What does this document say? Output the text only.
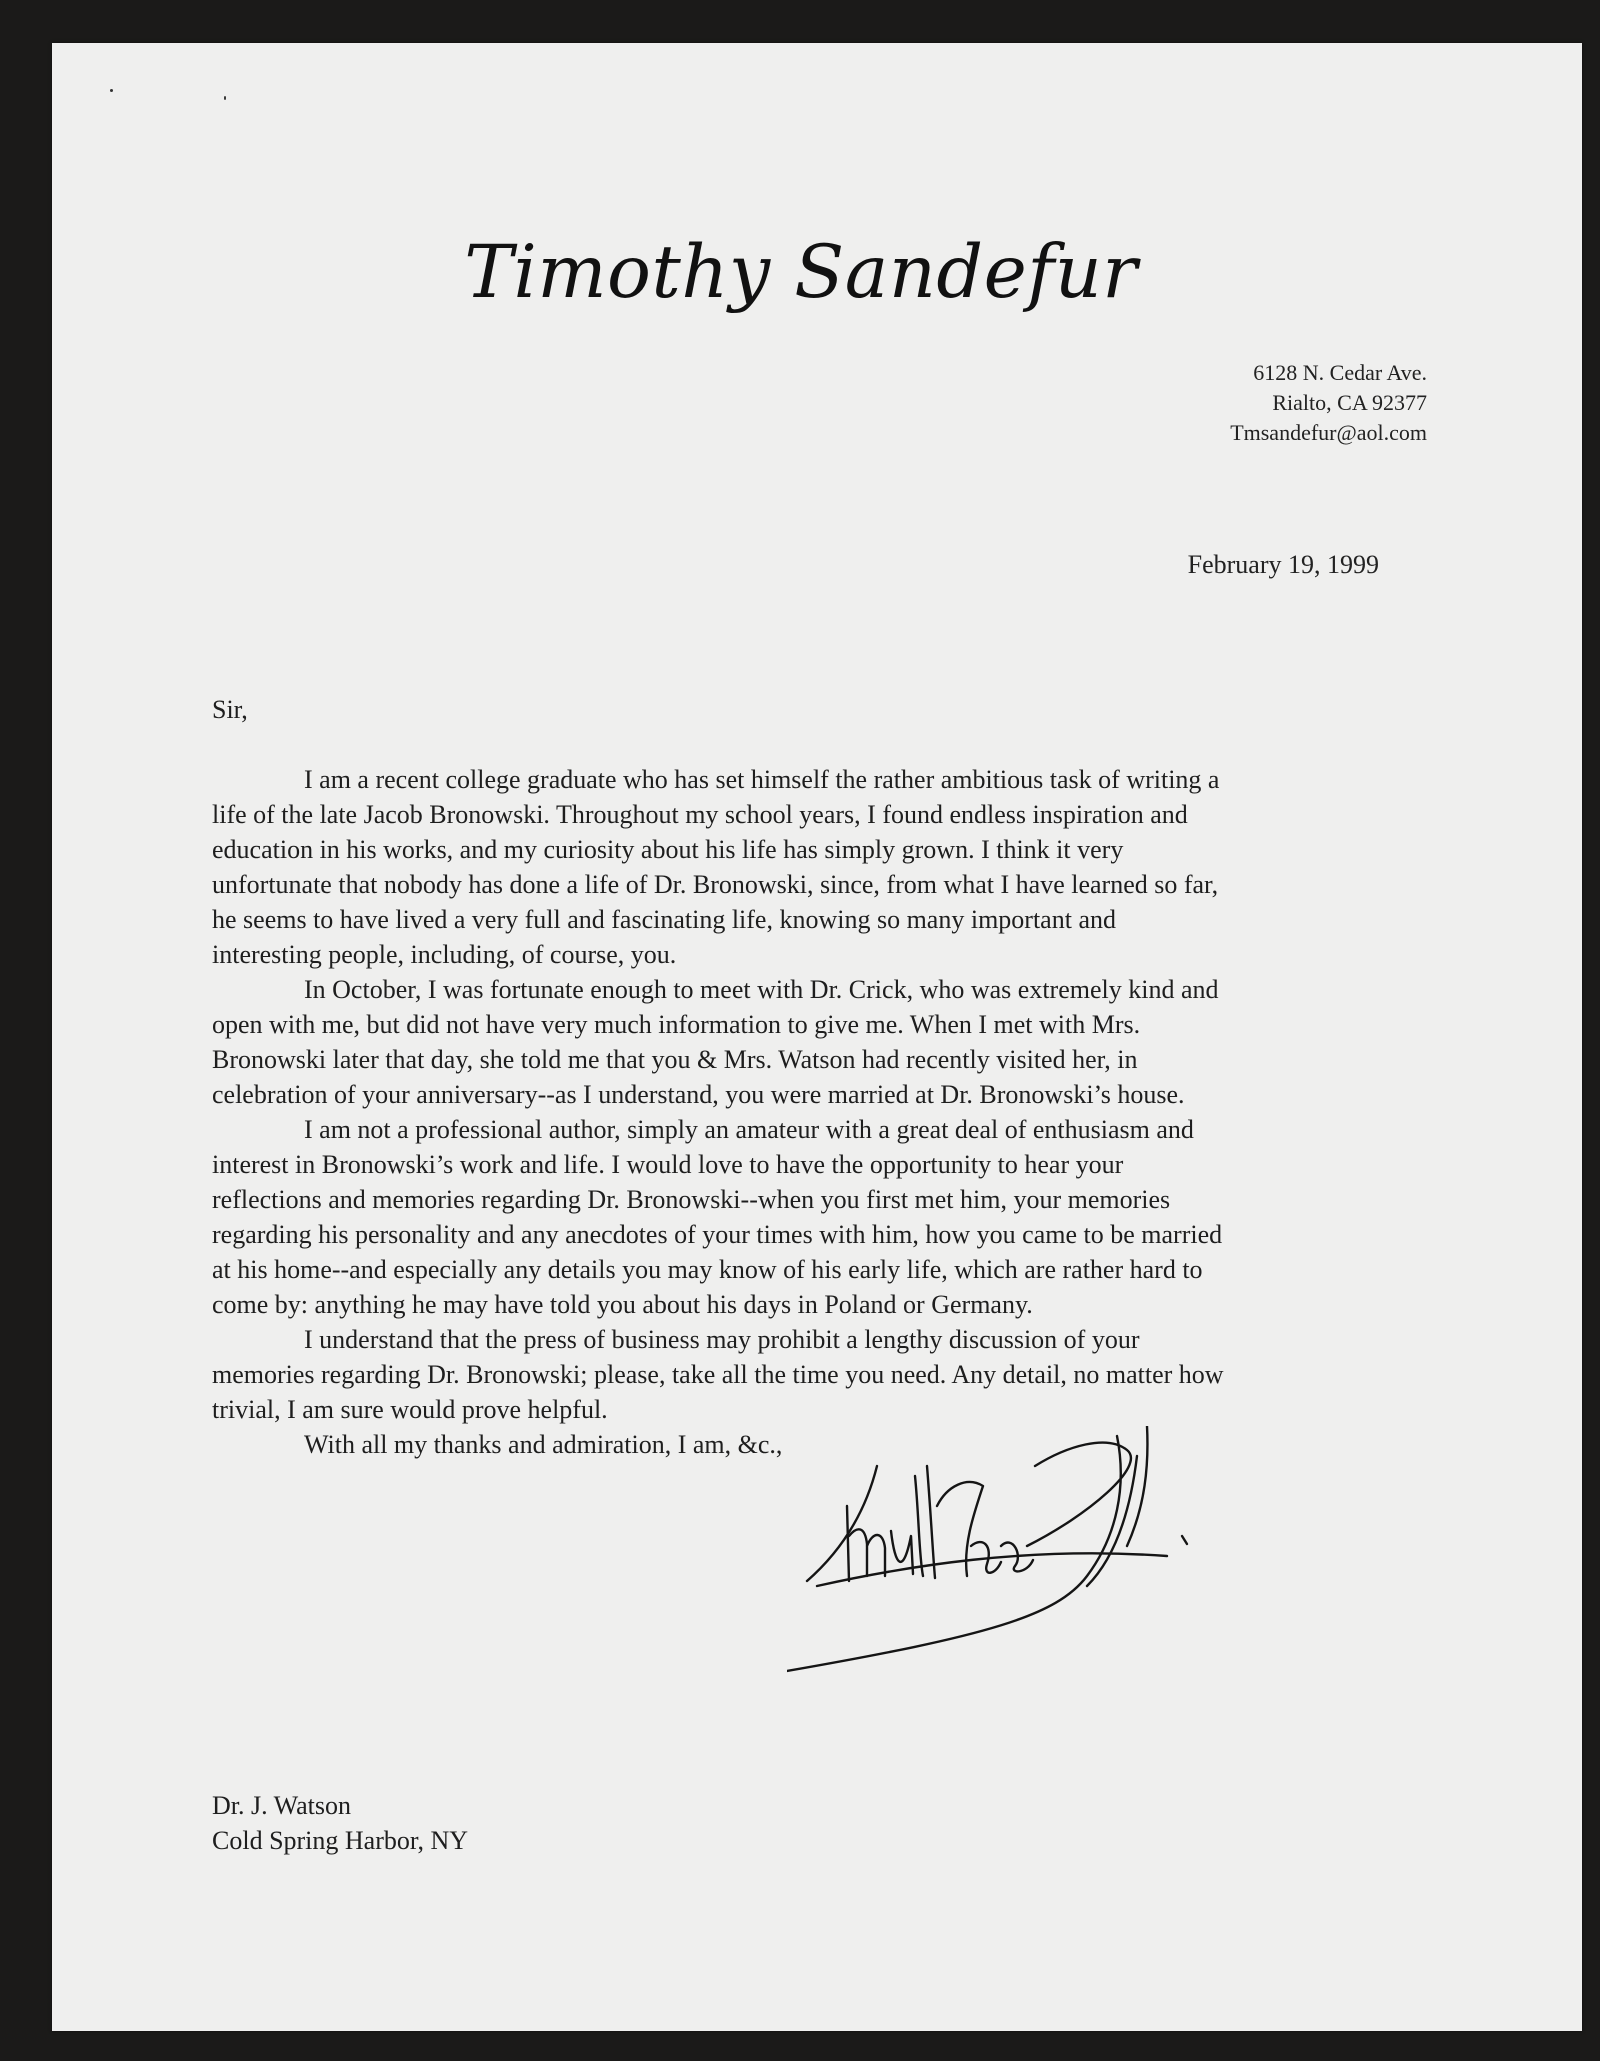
Timothy Sandefur
6128 N. Cedar Ave.
Rialto, CA 92377
Tmsandefur@aol.com
February 19, 1999
Sir,
I am a recent college graduate who has set himself the rather ambitious task of writing a
life of the late Jacob Bronowski. Throughout my school years, I found endless inspiration and
education in his works, and my curiosity about his life has simply grown. I think it very
unfortunate that nobody has done a life of Dr. Bronowski, since, from what I have learned so far,
he seems to have lived a very full and fascinating life, knowing so many important and
interesting people, including, of course, you.
In October, I was fortunate enough to meet with Dr. Crick, who was extremely kind and
open with me, but did not have very much information to give me. When I met with Mrs.
Bronowski later that day, she told me that you & Mrs. Watson had recently visited her, in
celebration of your anniversary--as I understand, you were married at Dr. Bronowski’s house.
I am not a professional author, simply an amateur with a great deal of enthusiasm and
interest in Bronowski’s work and life. I would love to have the opportunity to hear your
reflections and memories regarding Dr. Bronowski--when you first met him, your memories
regarding his personality and any anecdotes of your times with him, how you came to be married
at his home--and especially any details you may know of his early life, which are rather hard to
come by: anything he may have told you about his days in Poland or Germany.
I understand that the press of business may prohibit a lengthy discussion of your
memories regarding Dr. Bronowski; please, take all the time you need. Any detail, no matter how
trivial, I am sure would prove helpful.
With all my thanks and admiration, I am, &c.,
Dr. J. Watson
Cold Spring Harbor, NY
